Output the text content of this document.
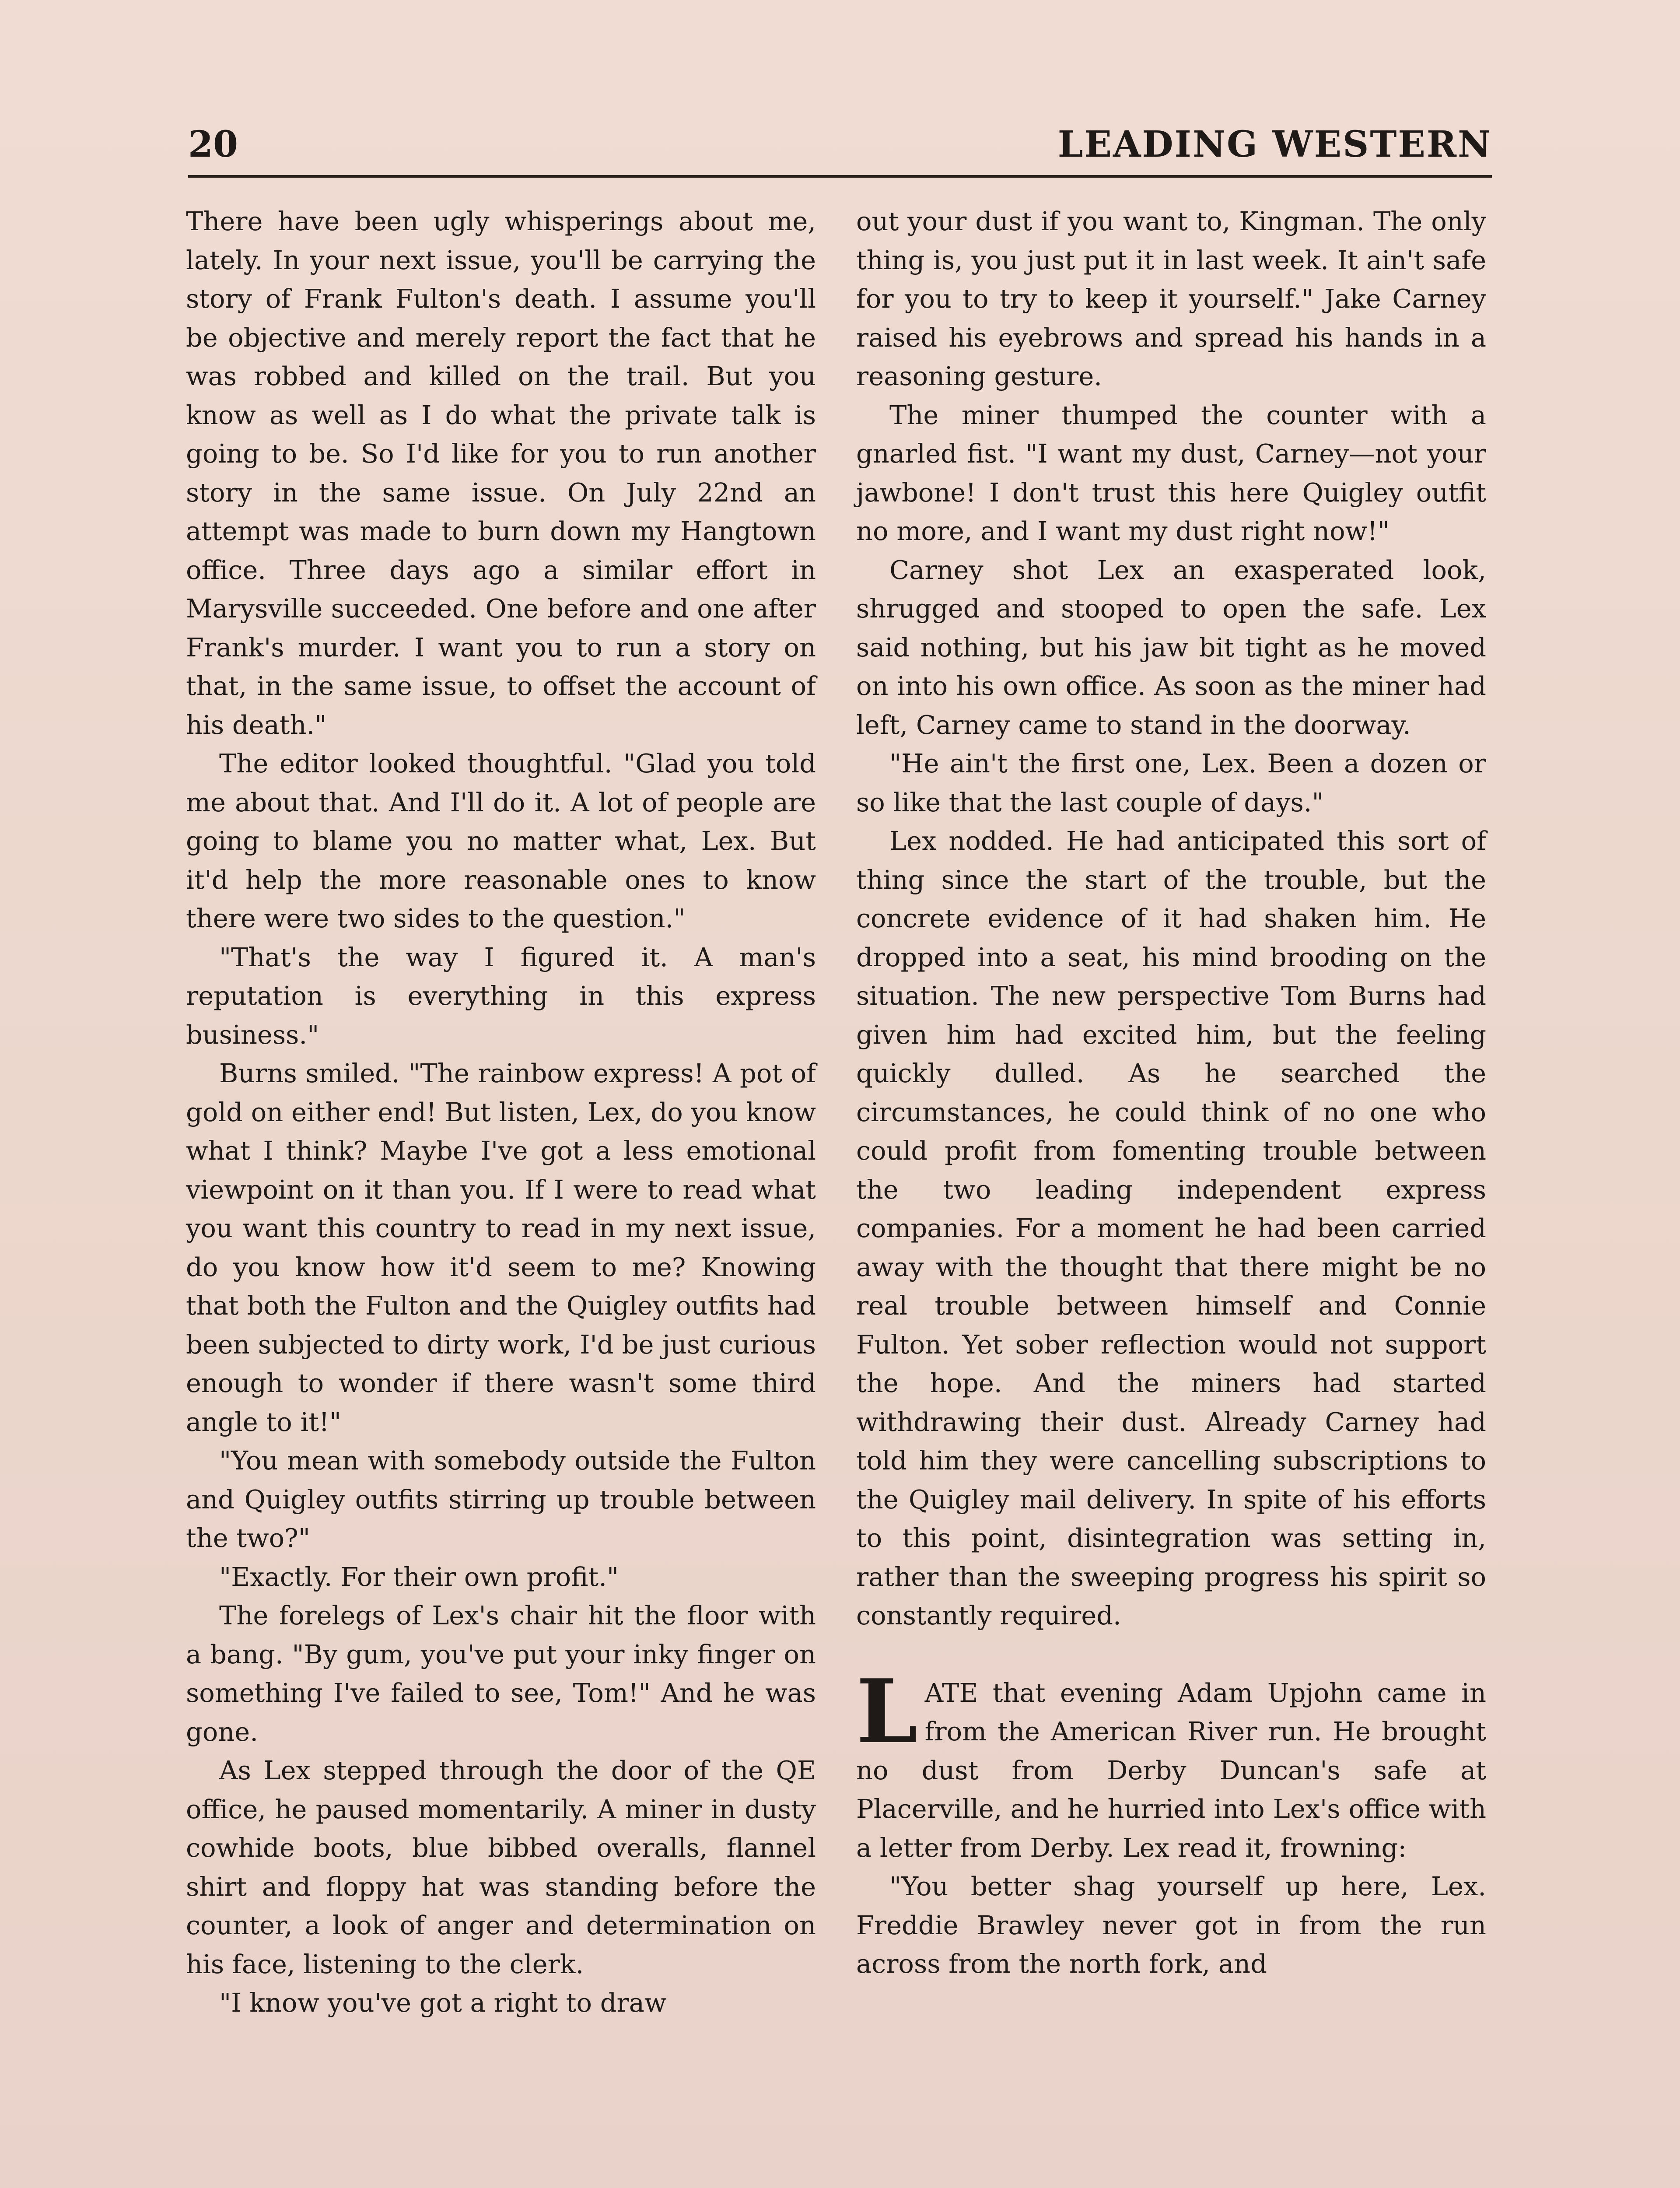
20	LEADING WESTERN

There have been ugly whisperings about me, lately. In your next issue, you'll be carrying the story of Frank Fulton's death. I assume you'll be objective and merely report the fact that he was robbed and killed on the trail. But you know as well as I do what the private talk is going to be. So I'd like for you to run another story in the same issue. On July 22nd an attempt was made to burn down my Hangtown office. Three days ago a similar effort in Marysville succeeded. One before and one after Frank's murder. I want you to run a story on that, in the same issue, to offset the account of his death."

The editor looked thoughtful. "Glad you told me about that. And I'll do it. A lot of people are going to blame you no matter what, Lex. But it'd help the more reasonable ones to know there were two sides to the question."

"That's the way I figured it. A man's reputation is everything in this express business."

Burns smiled. "The rainbow express! A pot of gold on either end! But listen, Lex, do you know what I think? Maybe I've got a less emotional viewpoint on it than you. If I were to read what you want this country to read in my next issue, do you know how it'd seem to me? Knowing that both the Fulton and the Quigley outfits had been subjected to dirty work, I'd be just curious enough to wonder if there wasn't some third angle to it!"

"You mean with somebody outside the Fulton and Quigley outfits stirring up trouble between the two?"

"Exactly. For their own profit."

The forelegs of Lex's chair hit the floor with a bang. "By gum, you've put your inky finger on something I've failed to see, Tom!" And he was gone.

As Lex stepped through the door of the QE office, he paused momentarily. A miner in dusty cowhide boots, blue bibbed overalls, flannel shirt and floppy hat was standing before the counter, a look of anger and determination on his face, listening to the clerk.

"I know you've got a right to draw

out your dust if you want to, Kingman. The only thing is, you just put it in last week. It ain't safe for you to try to keep it yourself." Jake Carney raised his eyebrows and spread his hands in a reasoning gesture.

The miner thumped the counter with a gnarled fist. "I want my dust, Carney—not your jawbone! I don't trust this here Quigley outfit no more, and I want my dust right now!"

Carney shot Lex an exasperated look, shrugged and stooped to open the safe. Lex said nothing, but his jaw bit tight as he moved on into his own office. As soon as the miner had left, Carney came to stand in the doorway.

"He ain't the first one, Lex. Been a dozen or so like that the last couple of days."

Lex nodded. He had anticipated this sort of thing since the start of the trouble, but the concrete evidence of it had shaken him. He dropped into a seat, his mind brooding on the situation. The new perspective Tom Burns had given him had excited him, but the feeling quickly dulled. As he searched the circumstances, he could think of no one who could profit from fomenting trouble between the two leading independent express companies. For a moment he had been carried away with the thought that there might be no real trouble between himself and Connie Fulton. Yet sober reflection would not support the hope. And the miners had started withdrawing their dust. Already Carney had told him they were cancelling subscriptions to the Quigley mail delivery. In spite of his efforts to this point, disintegration was setting in, rather than the sweeping progress his spirit so constantly required.

LATE that evening Adam Upjohn came in from the American River run. He brought no dust from Derby Duncan's safe at Placerville, and he hurried into Lex's office with a letter from Derby. Lex read it, frowning:

"You better shag yourself up here, Lex. Freddie Brawley never got in from the run across from the north fork, and
